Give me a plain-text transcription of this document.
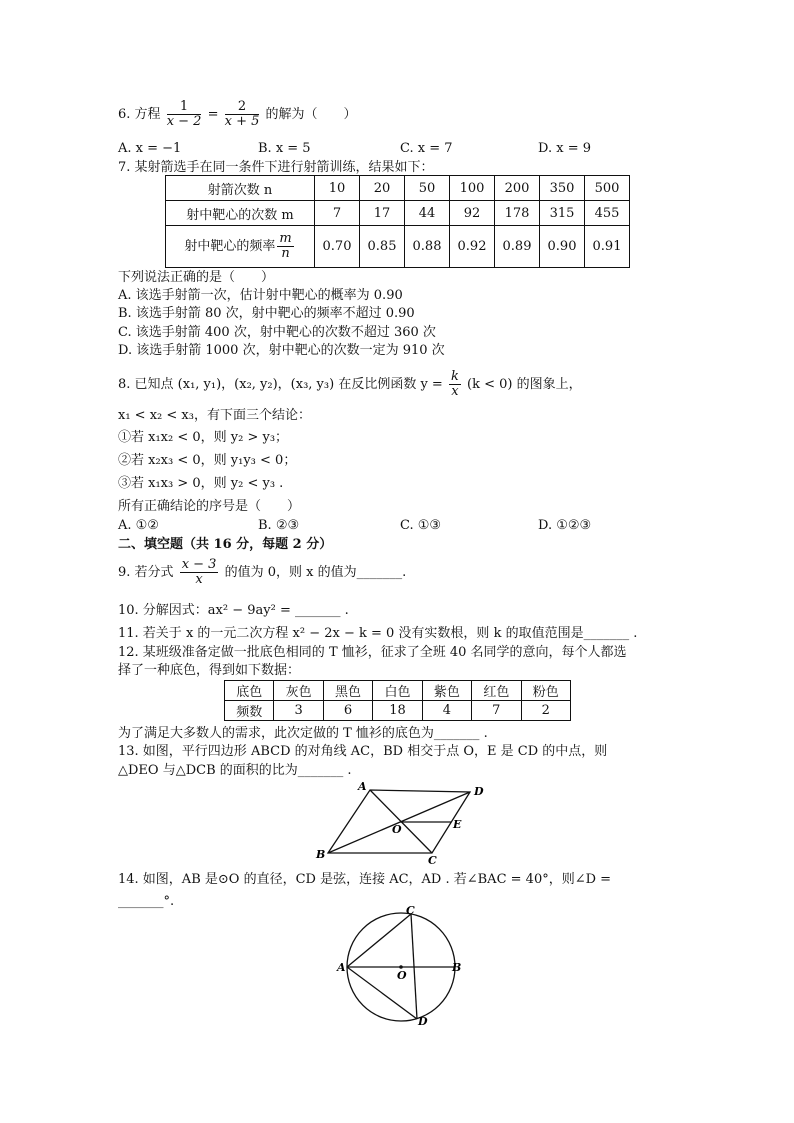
6. 方程 $\frac{1}{x - 2} = \frac{2}{x + 5}$ 的解为（　　）
A. x = −1	B. x = 5	C. x = 7	D. x = 9
7. 某射箭选手在同一条件下进行射箭训练，结果如下：
射箭次数 n	10	20	50	100	200	350	500
射中靶心的次数 m	7	17	44	92	178	315	455
射中靶心的频率 $\frac{m}{n}$	0.70	0.85	0.88	0.92	0.89	0.90	0.91
下列说法正确的是（　　）
A. 该选手射箭一次，估计射中靶心的概率为 0.90
B. 该选手射箭 80 次，射中靶心的频率不超过 0.90
C. 该选手射箭 400 次，射中靶心的次数不超过 360 次
D. 该选手射箭 1000 次，射中靶心的次数一定为 910 次
8. 已知点 (x₁, y₁)，(x₂, y₂)，(x₃, y₃) 在反比例函数 $y = \frac{k}{x} (k < 0)$ 的图象上，
x₁ < x₂ < x₃，有下面三个结论：
①若 x₁x₂ < 0，则 y₂ > y₃；
②若 x₂x₃ < 0，则 y₁y₃ < 0；
③若 x₁x₃ > 0，则 y₂ < y₃ .
所有正确结论的序号是（　　）
A. ①②	B. ②③	C. ①③	D. ①②③
二、填空题（共 16 分，每题 2 分）
9. 若分式 $\frac{x - 3}{x}$ 的值为 0，则 x 的值为_______.
10. 分解因式：ax² − 9ay² = _______ .
11. 若关于 x 的一元二次方程 x² − 2x − k = 0 没有实数根，则 k 的取值范围是_______ .
12. 某班级准备定做一批底色相同的 T 恤衫，征求了全班 40 名同学的意向，每个人都选
择了一种底色，得到如下数据：
底色	灰色	黑色	白色	紫色	红色	粉色
频数	3	6	18	4	7	2
为了满足大多数人的需求，此次定做的 T 恤衫的底色为_______ .
13. 如图，平行四边形 ABCD 的对角线 AC，BD 相交于点 O，E 是 CD 的中点，则
△DEO 与△DCB 的面积的比为_______ .
A	D
O	E
B	C
14. 如图，AB 是⊙O 的直径，CD 是弦，连接 AC，AD . 若∠BAC = 40°，则∠D =
_______°.
C
A
O
B
D
